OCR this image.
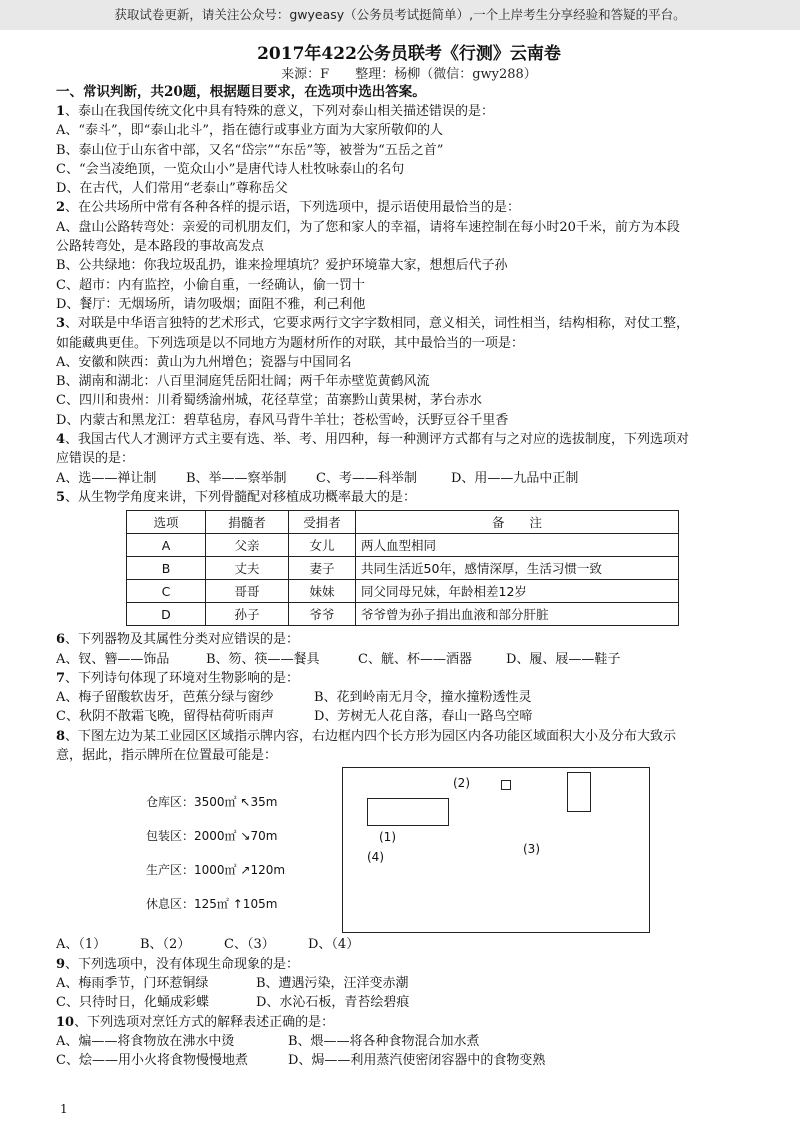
获取试卷更新，请关注公众号：gwyeasy（公务员考试挺简单）,一个上岸考生分享经验和答疑的平台。
2017年422公务员联考《行测》云南卷
来源：F　　整理：杨柳（微信：gwy288）
一、常识判断，共20题，根据题目要求，在选项中选出答案。
1、泰山在我国传统文化中具有特殊的意义，下列对泰山相关描述错误的是：
A、“泰斗”，即“泰山北斗”，指在德行或事业方面为大家所敬仰的人
B、泰山位于山东省中部，又名“岱宗”“东岳”等，被誉为“五岳之首”
C、“会当凌绝顶，一览众山小”是唐代诗人杜牧咏泰山的名句
D、在古代，人们常用“老泰山”尊称岳父
2、在公共场所中常有各种各样的提示语，下列选项中，提示语使用最恰当的是：
A、盘山公路转弯处：亲爱的司机朋友们，为了您和家人的幸福，请将车速控制在每小时20千米，前方为本段
公路转弯处，是本路段的事故高发点
B、公共绿地：你我垃圾乱扔，谁来捡埋填坑？爱护环境靠大家，想想后代子孙
C、超市：内有监控，小偷自重，一经确认，偷一罚十
D、餐厅：无烟场所，请勿吸烟；面阻不雅，利己利他
3、对联是中华语言独特的艺术形式，它要求两行文字字数相同，意义相关，词性相当，结构相称，对仗工整，
如能藏典更佳。下列选项是以不同地方为题材所作的对联，其中最恰当的一项是：
A、安徽和陕西：黄山为九州增色；瓷器与中国同名
B、湖南和湖北：八百里洞庭凭岳阳壮阔；两千年赤壁览黄鹤风流
C、四川和贵州：川肴蜀绣渝州城，花径草堂；苗寨黔山黄果树，茅台赤水
D、内蒙古和黑龙江：碧草毡房，春风马背牛羊壮；苍松雪岭，沃野豆谷千里香
4、我国古代人才测评方式主要有选、举、考、用四种，每一种测评方式都有与之对应的选拔制度，下列选项对
应错误的是：
A、选——禅让制 B、举——察举制 C、考——科举制	D、用——九品中正制
5、从生物学角度来讲，下列骨髓配对移植成功概率最大的是：
选项	捐髓者	受捐者	备　　注
A	父亲	女儿	两人血型相同
B	丈夫	妻子	共同生活近50年，感情深厚，生活习惯一致
C	哥哥	妹妹	同父同母兄妹，年龄相差12岁
D	孙子	爷爷	爷爷曾为孙子捐出血液和部分肝脏
6、下列器物及其属性分类对应错误的是：
A、钗、簪——饰品	B、笏、筷——餐具	C、觥、杯——酒器	D、履、屐——鞋子
7、下列诗句体现了环境对生物影响的是：
A、梅子留酸软齿牙，芭蕉分绿与窗纱	B、花到岭南无月令，撞水撞粉透性灵
C、秋阴不散霜飞晚，留得枯荷听雨声	D、芳树无人花自落，春山一路鸟空啼
8、下图左边为某工业园区区域指示牌内容，右边框内四个长方形为园区内各功能区域面积大小及分布大致示
意，据此，指示牌所在位置最可能是：
仓库区：3500㎡ ↖35m
包装区：2000㎡ ↘70m
生产区：1000㎡ ↗120m
休息区：125㎡ ↑105m
(2)
(1)
(4)
(3)
A、（1）	B、（2）	C、（3）	D、（4）
9、下列选项中，没有体现生命现象的是：
A、梅雨季节，门环惹铜绿	B、遭遇污染，汪洋变赤潮
C、只待时日，化蛹成彩蝶	D、水沁石板，青苔绘碧痕
10、下列选项对烹饪方式的解释表述正确的是：
A、煸——将食物放在沸水中烫	B、煨——将各种食物混合加水煮
C、烩——用小火将食物慢慢地煮	D、焗——利用蒸汽使密闭容器中的食物变熟
1
